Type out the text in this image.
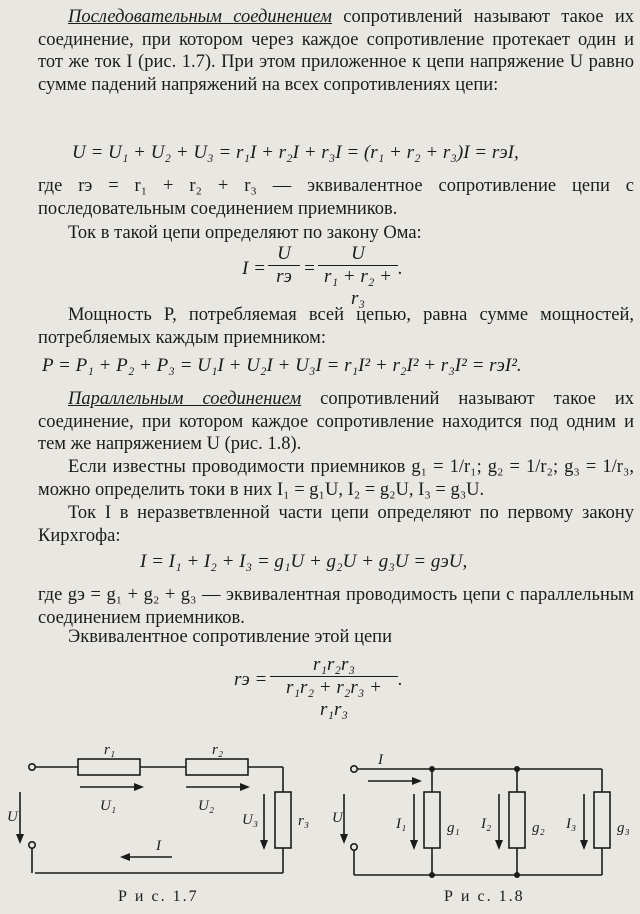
Последовательным соединением сопротивлений называют такое их соединение, при котором через каждое сопротивление протекает один и тот же ток I (рис. 1.7). При этом приложенное к цепи напряжение U равно сумме падений напряжений на всех сопротивлениях цепи:
U = U₁ + U₂ + U₃ = r₁I + r₂I + r₃I = (r₁ + r₂ + r₃)I = rэI,
где rэ = r₁ + r₂ + r₃ — эквивалентное сопротивление цепи с последовательным соединением приемников.
Ток в такой цепи определяют по закону Ома:
I =
U
rэ = $\frac{U}{\text{r₁ + r₂ + r₃}}$ .
Мощность P, потребляемая всей цепью, равна сумме мощностей, потребляемых каждым приемником:
P = P₁ + P₂ + P₃ = U₁I + U₂I + U₃I = r₁I² + r₂I² + r₃I² = rэI².
Параллельным соединением сопротивлений называют такое их соединение, при котором каждое сопротивление находится под одним и тем же напряжением U (рис. 1.8).
Если известны проводимости приемников g₁ = 1/r₁; g₂ = 1/r₂; g₃ = 1/r₃, можно определить токи в них I₁ = g₁U, I₂ = g₂U, I₃ = g₃U.
Ток I в неразветвленной части цепи определяют по первому закону Кирхгофа:
I = I₁ + I₂ + I₃ = g₁U + g₂U + g₃U = gэU,
где gэ = g₁ + g₂ + g₃ — эквивалентная проводимость цепи с параллельным соединением приемников.
Эквивалентное сопротивление этой цепи
rэ = $\frac{\text{r₁r₂r₃}}{\text{r₁r₂ + r₂r₃ + r₁r₃}}$ .
r₁	r₂
r₃
U
U₁	U₂
U₃
I
Р и с. 1.7
I
U	I₁	I₂	I₃
g₁	g₂	g₃
Р и с. 1.8
